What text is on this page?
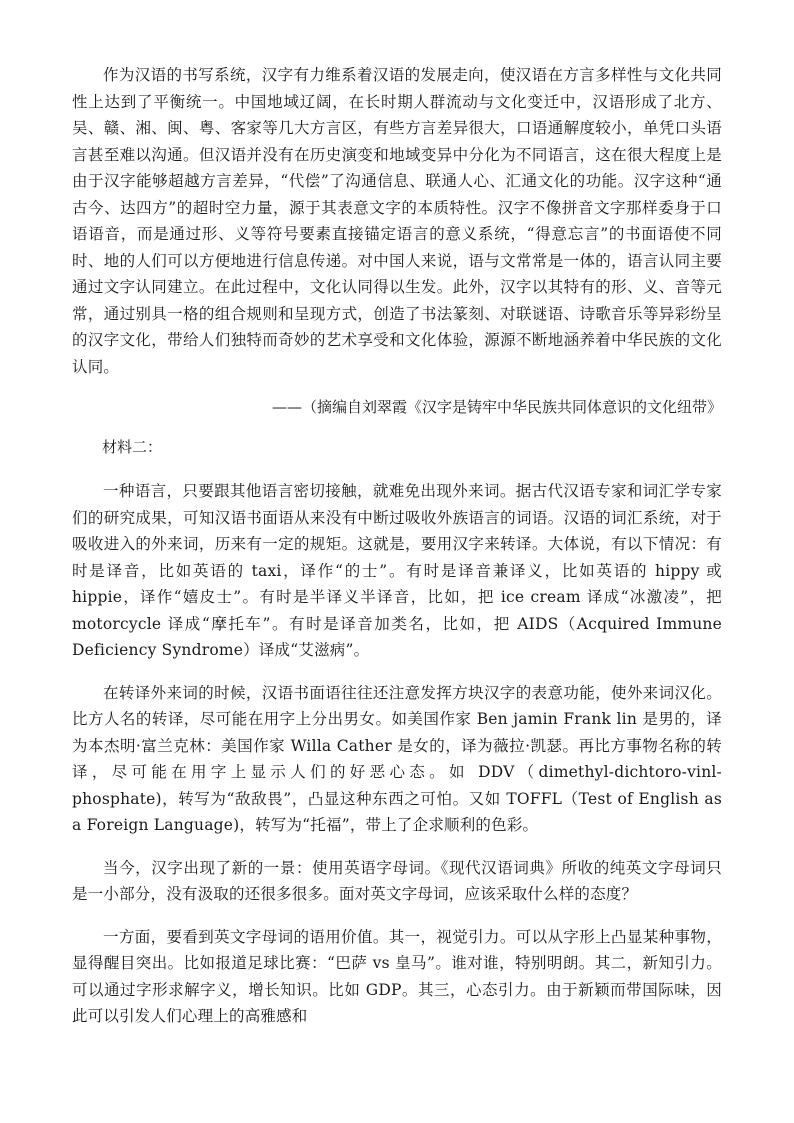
作为汉语的书写系统，汉字有力维系着汉语的发展走向，使汉语在方言多样性与文化共同性上达到了平衡统一。中国地域辽阔，在长时期人群流动与文化变迁中，汉语形成了北方、吴、赣、湘、闽、粤、客家等几大方言区，有些方言差异很大，口语通解度较小，单凭口头语言甚至难以沟通。但汉语并没有在历史演变和地域变异中分化为不同语言，这在很大程度上是由于汉字能够超越方言差异，“代偿”了沟通信息、联通人心、汇通文化的功能。汉字这种“通古今、达四方”的超时空力量，源于其表意文字的本质特性。汉字不像拼音文字那样委身于口语语音，而是通过形、义等符号要素直接锚定语言的意义系统，“得意忘言”的书面语使不同时、地的人们可以方便地进行信息传递。对中国人来说，语与文常常是一体的，语言认同主要通过文字认同建立。在此过程中，文化认同得以生发。此外，汉字以其特有的形、义、音等元常，通过别具一格的组合规则和呈现方式，创造了书法篆刻、对联谜语、诗歌音乐等异彩纷呈的汉字文化，带给人们独特而奇妙的艺术享受和文化体验，源源不断地涵养着中华民族的文化认同。

——（摘编自刘翠霞《汉字是铸牢中华民族共同体意识的文化纽带》

材料二：

一种语言，只要跟其他语言密切接触，就难免出现外来词。据古代汉语专家和词汇学专家们的研究成果，可知汉语书面语从来没有中断过吸收外族语言的词语。汉语的词汇系统，对于吸收进入的外来词，历来有一定的规矩。这就是，要用汉字来转译。大体说，有以下情况：有时是译音，比如英语的 taxi，译作“的士”。有时是译音兼译义，比如英语的 hippy 或 hippie，译作“嬉皮士”。有时是半译义半译音，比如，把 ice cream 译成“冰激凌”，把 motorcycle 译成“摩托车”。有时是译音加类名，比如，把 AIDS（Acquired Immune Deficiency Syndrome）译成“艾滋病”。

在转译外来词的时候，汉语书面语往往还注意发挥方块汉字的表意功能，使外来词汉化。比方人名的转译，尽可能在用字上分出男女。如美国作家 Ben jamin Frank lin 是男的，译为本杰明·富兰克林：美国作家 Willa Cather 是女的，译为薇拉·凯瑟。再比方事物名称的转译，尽可能在用字上显示人们的好恶心态。如 DDV（dimethyl-dichtoro-vinl-phosphate)，转写为“敌敌畏”，凸显这种东西之可怕。又如 TOFFL（Test of English as a Foreign Language)，转写为“托福”，带上了企求顺利的色彩。

当今，汉字出现了新的一景：使用英语字母词。《现代汉语词典》所收的纯英文字母词只是一小部分，没有汲取的还很多很多。面对英文字母词，应该采取什么样的态度？

一方面，要看到英文字母词的语用价值。其一，视觉引力。可以从字形上凸显某种事物，显得醒目突出。比如报道足球比赛：“巴萨 vs 皇马”。谁对谁，特别明朗。其二，新知引力。可以通过字形求解字义，增长知识。比如 GDP。其三，心态引力。由于新颖而带国际味，因此可以引发人们心理上的高雅感和
